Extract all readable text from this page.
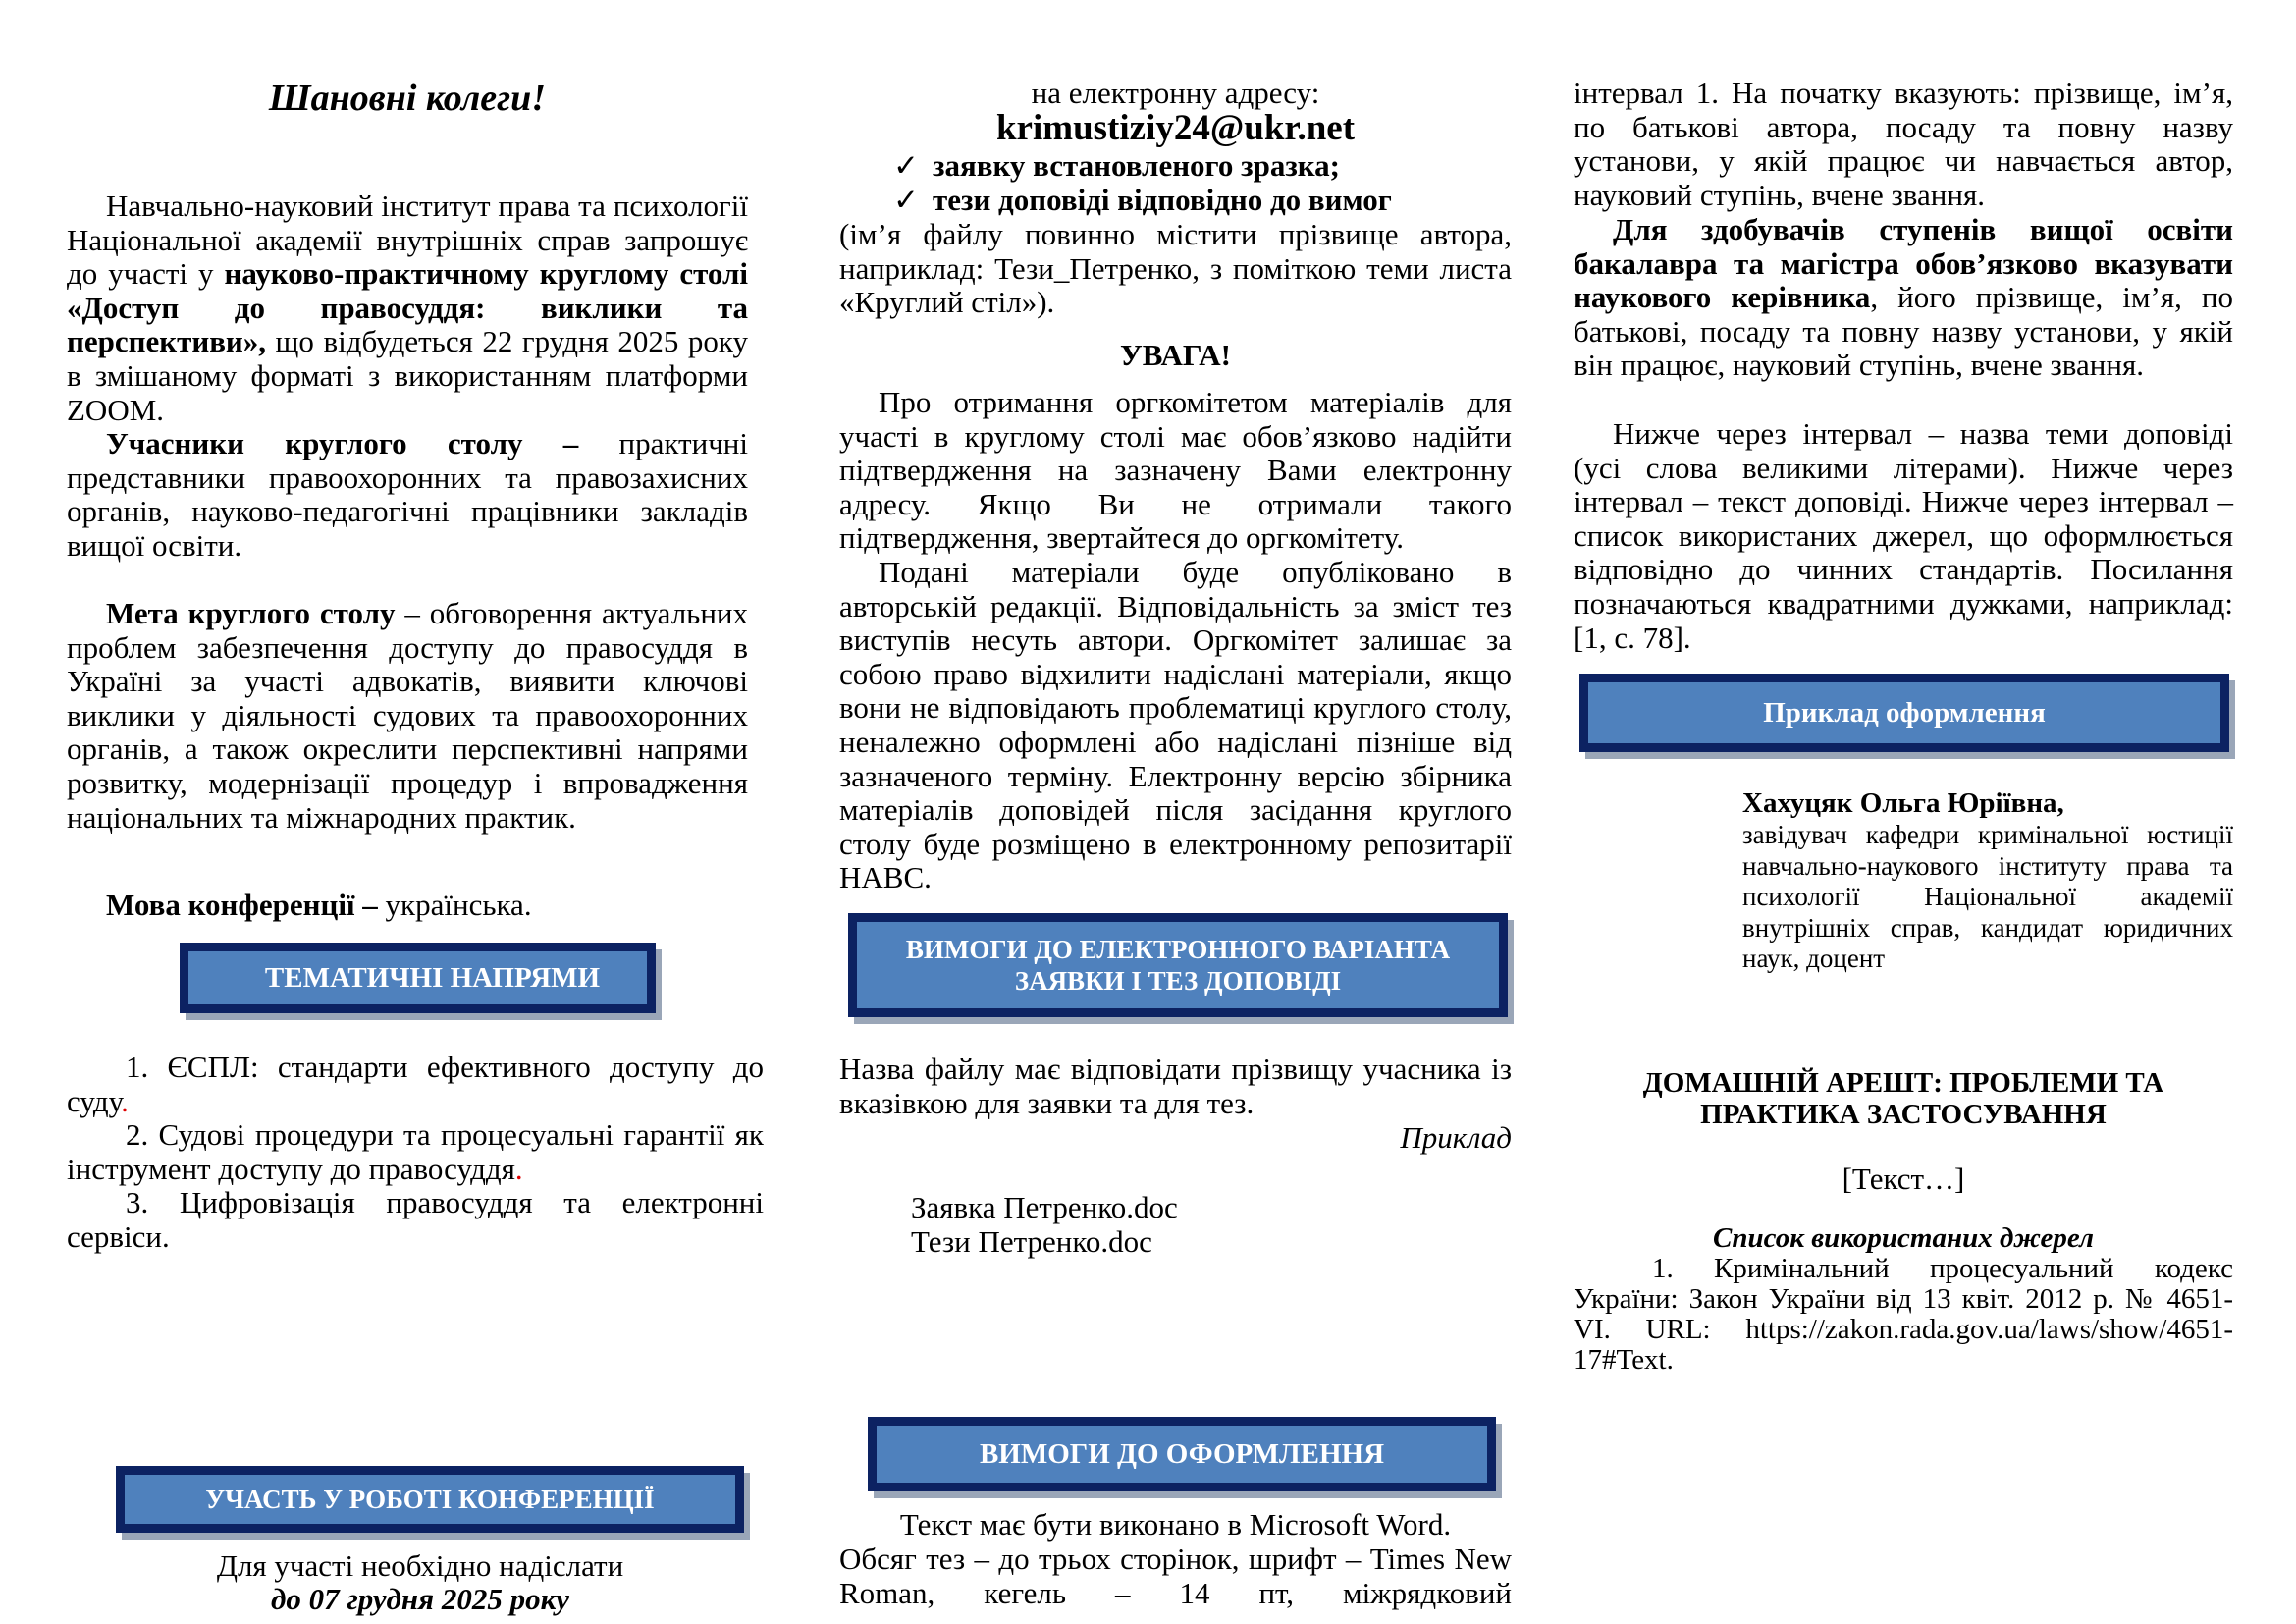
Шановні колеги!

Навчально-науковий інститут права та психології Національної академії внутрішніх справ запрошує до участі у науково-практичному круглому столі «Доступ до правосуддя: виклики та перспективи», що відбудеться 22 грудня 2025 року в змішаному форматі з використанням платформи ZOOM.

Учасники круглого столу – практичні представники правоохоронних та правозахисних органів, науково-педагогічні працівники закладів вищої освіти.

Мета круглого столу – обговорення актуальних проблем забезпечення доступу до правосуддя в Україні за участі адвокатів, виявити ключові виклики у діяльності судових та правоохоронних органів, а також окреслити перспективні напрями розвитку, модернізації процедур і впровадження національних та міжнародних практик.

Мова конференції – українська.

ТЕМАТИЧНІ НАПРЯМИ

1. ЄСПЛ: стандарти ефективного доступу до суду.

2. Судові процедури та процесуальні гарантії як інструмент доступу до правосуддя.

3. Цифровізація правосуддя та електронні сервіси.

УЧАСТЬ У РОБОТІ КОНФЕРЕНЦІЇ
Для участі необхідно надіслати
до 07 грудня 2025 року
на електронну адресу:
krimustiziy24@ukr.net
✓ заявку встановленого зразка;
✓ тези доповіді відповідно до вимог

(ім’я файлу повинно містити прізвище автора, наприклад: Тези_Петренко, з поміткою теми листа «Круглий стіл»).

УВАГА!

Про отримання оргкомітетом матеріалів для участі в круглому столі має обов’язково надійти підтвердження на зазначену Вами електронну адресу. Якщо Ви не отримали такого підтвердження, звертайтеся до оргкомітету.

Подані матеріали буде опубліковано в авторській редакції. Відповідальність за зміст тез виступів несуть автори. Оргкомітет залишає за собою право відхилити надіслані матеріали, якщо вони не відповідають проблематиці круглого столу, неналежно оформлені або надіслані пізніше від зазначеного терміну. Електронну версію збірника матеріалів доповідей після засідання круглого столу буде розміщено в електронному репозитарії НАВС.

ВИМОГИ ДО ЕЛЕКТРОННОГО ВАРІАНТА
ЗАЯВКИ І ТЕЗ ДОПОВІДІ

Назва файлу має відповідати прізвищу учасника із вказівкою для заявки та для тез.

Приклад
Заявка Петренко.doc
Тези Петренко.doc
ВИМОГИ ДО ОФОРМЛЕННЯ
Текст має бути виконано в Microsoft Word.

Обсяг тез – до трьох сторінок, шрифт – Times New Roman, кегель – 14 пт, міжрядковий

інтервал 1. На початку вказують: прізвище, ім’я, по батькові автора, посаду та повну назву установи, у якій працює чи навчається автор, науковий ступінь, вчене звання.

Для здобувачів ступенів вищої освіти бакалавра та магістра обов’язково вказувати наукового керівника, його прізвище, ім’я, по батькові, посаду та повну назву установи, у якій він працює, науковий ступінь, вчене звання.

Нижче через інтервал – назва теми доповіді (усі слова великими літерами). Нижче через інтервал – текст доповіді. Нижче через інтервал – список використаних джерел, що оформлюється відповідно до чинних стандартів. Посилання позначаються квадратними дужками, наприклад: [1, с. 78].

Приклад оформлення
Хахуцяк Ольга Юріївна,

завідувач кафедри кримінальної юстиції навчально-наукового інституту права та психології Національної академії внутрішніх справ, кандидат юридичних наук, доцент

ДОМАШНІЙ АРЕШТ: ПРОБЛЕМИ ТА
ПРАКТИКА ЗАСТОСУВАННЯ
[Текст…]
Список використаних джерел

1. Кримінальний процесуальний кодекс України: Закон України від 13 квіт. 2012 р. № 4651-VI. URL: https://zakon.rada.gov.ua/laws/show/4651-17#Text.
